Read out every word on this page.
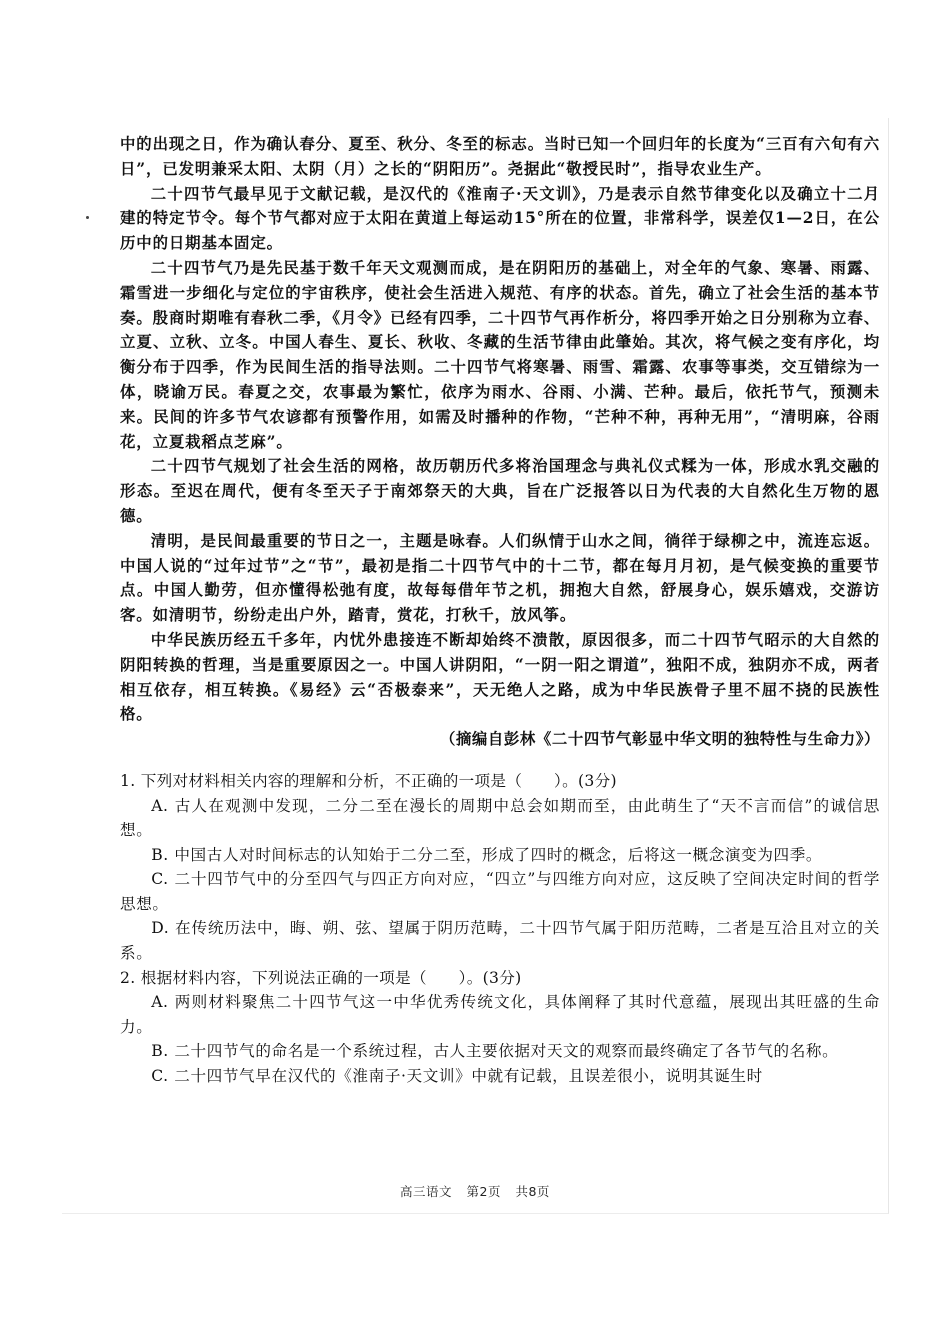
中的出现之日，作为确认春分、夏至、秋分、冬至的标志。当时已知一个回归年的长度为“三百有六旬有六日”，已发明兼采太阳、太阴（月）之长的“阴阳历”。尧据此“敬授民时”，指导农业生产。

二十四节气最早见于文献记载，是汉代的《淮南子·天文训》，乃是表示自然节律变化以及确立十二月建的特定节令。每个节气都对应于太阳在黄道上每运动15°所在的位置，非常科学，误差仅1—2日，在公历中的日期基本固定。

二十四节气乃是先民基于数千年天文观测而成，是在阴阳历的基础上，对全年的气象、寒暑、雨露、霜雪进一步细化与定位的宇宙秩序，使社会生活进入规范、有序的状态。首先，确立了社会生活的基本节奏。殷商时期唯有春秋二季，《月令》已经有四季，二十四节气再作析分，将四季开始之日分别称为立春、立夏、立秋、立冬。中国人春生、夏长、秋收、冬藏的生活节律由此肇始。其次，将气候之变有序化，均衡分布于四季，作为民间生活的指导法则。二十四节气将寒暑、雨雪、霜露、农事等事类，交互错综为一体，晓谕万民。春夏之交，农事最为繁忙，依序为雨水、谷雨、小满、芒种。最后，依托节气，预测未来。民间的许多节气农谚都有预警作用，如需及时播种的作物，“芒种不种，再种无用”，“清明麻，谷雨花，立夏栽稻点芝麻”。

二十四节气规划了社会生活的网格，故历朝历代多将治国理念与典礼仪式糅为一体，形成水乳交融的形态。至迟在周代，便有冬至天子于南郊祭天的大典，旨在广泛报答以日为代表的大自然化生万物的恩德。

清明，是民间最重要的节日之一，主题是咏春。人们纵情于山水之间，徜徉于绿柳之中，流连忘返。中国人说的“过年过节”之“节”，最初是指二十四节气中的十二节，都在每月月初，是气候变换的重要节点。中国人勤劳，但亦懂得松弛有度，故每每借年节之机，拥抱大自然，舒展身心，娱乐嬉戏，交游访客。如清明节，纷纷走出户外，踏青，赏花，打秋千，放风筝。

中华民族历经五千多年，内忧外患接连不断却始终不溃散，原因很多，而二十四节气昭示的大自然的阴阳转换的哲理，当是重要原因之一。中国人讲阴阳，“一阴一阳之谓道”，独阳不成，独阴亦不成，两者相互依存，相互转换。《易经》云“否极泰来”，天无绝人之路，成为中华民族骨子里不屈不挠的民族性格。

（摘编自彭林《二十四节气彰显中华文明的独特性与生命力》）

1. 下列对材料相关内容的理解和分析，不正确的一项是（　　）。(3分)

A. 古人在观测中发现，二分二至在漫长的周期中总会如期而至，由此萌生了“天不言而信”的诚信思想。

B. 中国古人对时间标志的认知始于二分二至，形成了四时的概念，后将这一概念演变为四季。

C. 二十四节气中的分至四气与四正方向对应，“四立”与四维方向对应，这反映了空间决定时间的哲学思想。

D. 在传统历法中，晦、朔、弦、望属于阴历范畴，二十四节气属于阳历范畴，二者是互洽且对立的关系。

2. 根据材料内容，下列说法正确的一项是（　　）。(3分)

A. 两则材料聚焦二十四节气这一中华优秀传统文化，具体阐释了其时代意蕴，展现出其旺盛的生命力。

B. 二十四节气的命名是一个系统过程，古人主要依据对天文的观察而最终确定了各节气的名称。

C. 二十四节气早在汉代的《淮南子·天文训》中就有记载，且误差很小，说明其诞生时

高三语文 第2页 共8页
